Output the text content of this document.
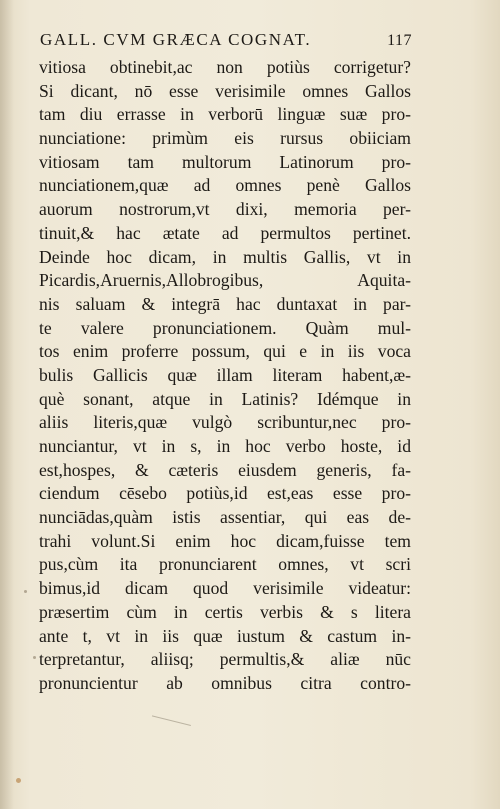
GALL. CVM GRÆCA COGNAT.	117
vitiosa obtinebit,ac non potiùs corrigetur?
Si dicant, nō esse verisimile omnes Gallos
tam diu errasse in verborū linguæ suæ pro-
nunciatione: primùm eis rursus obiiciam
vitiosam tam multorum Latinorum pro-
nunciationem,quæ ad omnes penè Gallos
auorum nostrorum,vt dixi, memoria per-
tinuit,& hac ætate ad permultos pertinet.
Deinde hoc dicam, in multis Gallis, vt in
Picardis,Aruernis,Allobrogibus, Aquita-
nis saluam & integrā hac duntaxat in par-
te valere pronunciationem. Quàm mul-
tos enim proferre possum, qui e in iis voca
bulis Gallicis quæ illam literam habent,æ-
què sonant, atque in Latinis? Idémque in
aliis literis,quæ vulgò scribuntur,nec pro-
nunciantur, vt in s, in hoc verbo hoste, id
est,hospes, & cæteris eiusdem generis, fa-
ciendum cēsebo potiùs,id est,eas esse pro-
nunciādas,quàm istis assentiar, qui eas de-
trahi volunt.Si enim hoc dicam,fuisse tem
pus,cùm ita pronunciarent omnes, vt scri
bimus,id dicam quod verisimile videatur:
præsertim cùm in certis verbis & s litera
ante t, vt in iis quæ iustum & castum in-
terpretantur, aliisq; permultis,& aliæ nūc
pronuncientur ab omnibus citra contro-
